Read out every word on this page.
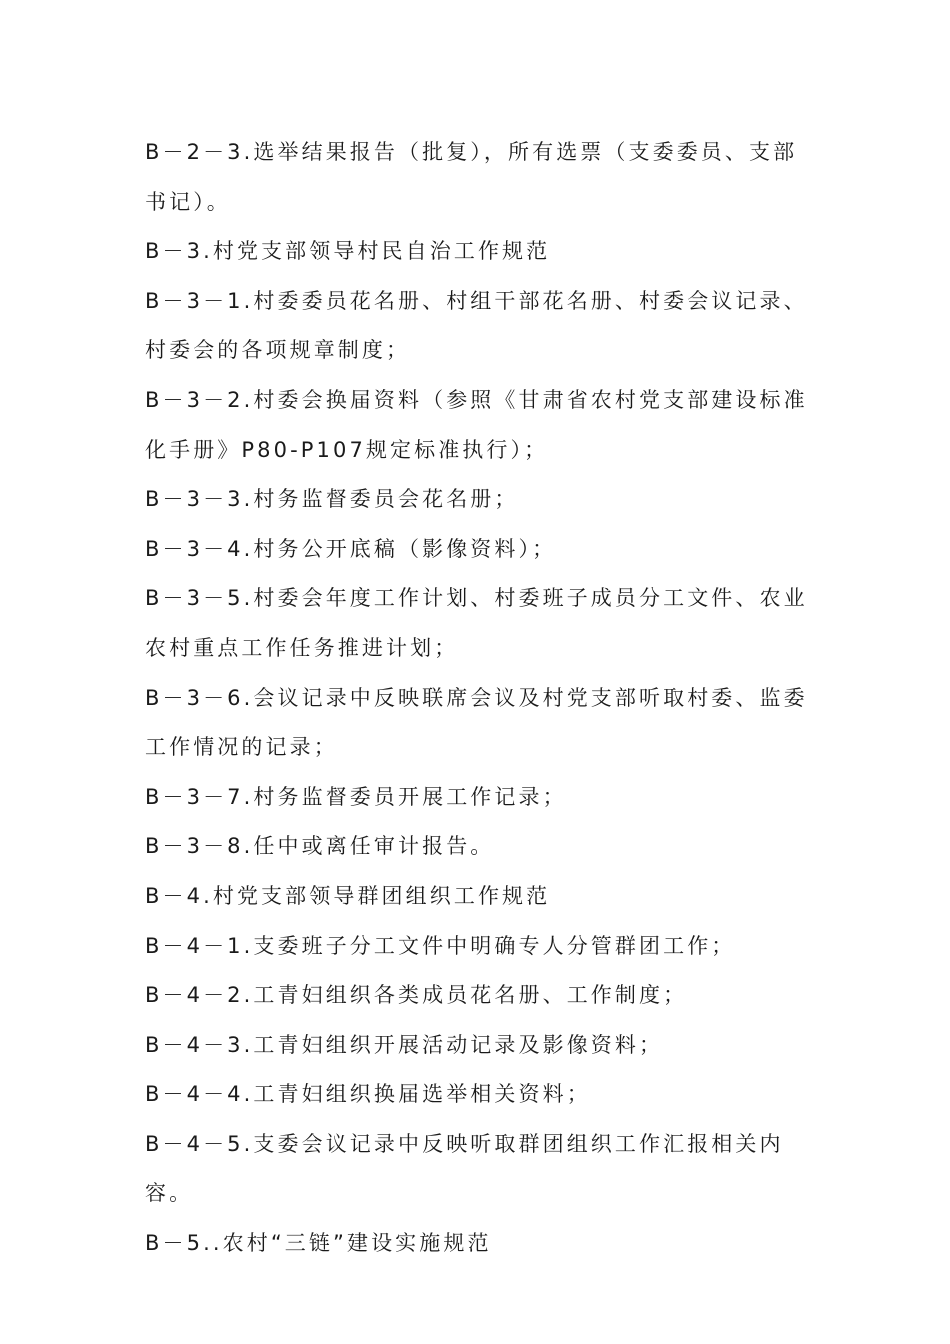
B－2－3.选举结果报告（批复），所有选票（支委委员、支部书记）。

B－3.村党支部领导村民自治工作规范

B－3－1.村委委员花名册、村组干部花名册、村委会议记录、村委会的各项规章制度；

B－3－2.村委会换届资料（参照《甘肃省农村党支部建设标准化手册》P80-P107规定标准执行）；

B－3－3.村务监督委员会花名册；

B－3－4.村务公开底稿（影像资料）；

B－3－5.村委会年度工作计划、村委班子成员分工文件、农业农村重点工作任务推进计划；

B－3－6.会议记录中反映联席会议及村党支部听取村委、监委工作情况的记录；

B－3－7.村务监督委员开展工作记录；

B－3－8.任中或离任审计报告。

B－4.村党支部领导群团组织工作规范

B－4－1.支委班子分工文件中明确专人分管群团工作；

B－4－2.工青妇组织各类成员花名册、工作制度；

B－4－3.工青妇组织开展活动记录及影像资料；

B－4－4.工青妇组织换届选举相关资料；

B－4－5.支委会议记录中反映听取群团组织工作汇报相关内容。

B－5..农村“三链”建设实施规范
